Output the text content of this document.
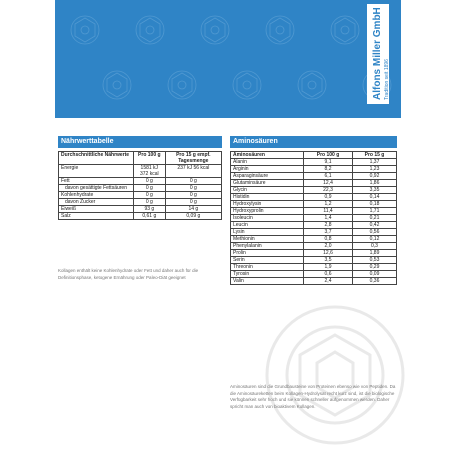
Alfons Miller GmbH Tradition seit 1896
Nährwerttabelle
Durchschnittliche Nährwerte	Pro 100 g	Pro 15 g empf. Tagesmenge
Energie	1581 kJ 372 kcal	237 kJ 56 kcal
Fett	0 g	0 g
davon gesättigte Fettsäuren	0 g	0 g
Kohlenhydrate	0 g	0 g
davon Zucker	0 g	0 g
Eiweiß	93 g	14 g
Salz	0,61 g	0,09 g
Kollagen enthält keine Kohlenhydrate oder Fett und daher auch für die Definitionsphase, ketogene Ernährung oder Paleo-Diät geeignet
Aminosäuren
Aminosäuren	Pro 100 g	Pro 15 g
Alanin	9,1	1,37
Arginin	8,2	1,23
Asparaginsäure	6,1	0,92
Glutaminsäure	12,4	1,86
Glycin	22,3	3,35
Histidin	0,9	0,14
Hydroxylysin	1,2	0,18
Hydroxyprolin	11,4	1,71
Isoleucin	1,4	0,21
Leucin	2,8	0,42
Lysin	3,7	0,56
Methionin	0,8	0,12
Phenylalanin	2,0	0,3
Prolin	12,6	1,89
Serin	3,5	0,53
Threonin	1,9	0,29
Tyrosin	0,6	0,09
Valin	2,4	0,36
Aminosäuren sind die Grundbausteine von Proteinen ebenso wie von Peptiden. Da die Aminosäureketten beim Kollagen-Hydrolysat recht kurz sind, ist die biologische Verfügbarkeit sehr hoch und sie können schneller aufgenommen werden. Daher spricht man auch von bioaktivem Kollagen.
